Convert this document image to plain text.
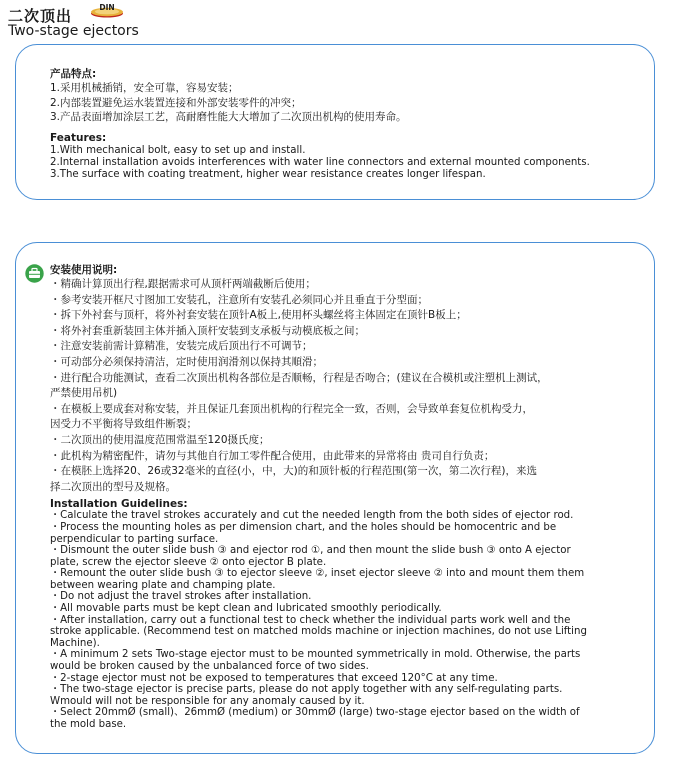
二次顶出	DIN
Two-stage ejectors
产品特点:
1.采用机械插销，安全可靠，容易安装；
2.内部装置避免运水装置连接和外部安装零件的冲突；
3.产品表面增加涂层工艺，高耐磨性能大大增加了二次顶出机构的使用寿命。
Features:
1.With mechanical bolt, easy to set up and install.
2.Internal installation avoids interferences with water line connectors and external mounted components.
3.The surface with coating treatment, higher wear resistance creates longer lifespan.
安装使用说明:
・精确计算顶出行程,跟据需求可从顶杆两端截断后使用；
・参考安装开框尺寸图加工安装孔，注意所有安装孔必须同心并且垂直于分型面；
・拆下外衬套与顶杆，将外衬套安装在顶针A板上,使用杯头螺丝将主体固定在顶针B板上；
・将外衬套重新装回主体并插入顶杆安装到支承板与动模底板之间；
・注意安装前需计算精准，安装完成后顶出行不可调节；
・可动部分必须保持清洁，定时使用润滑剂以保持其順滑；
・进行配合功能测试，查看二次顶出机构各部位是否顺畅，行程是否吻合；(建议在合模机或注塑机上测试，
严禁使用吊机)
・在模板上要成套对称安装，并且保证几套顶出机构的行程完全一致，否则，会导致单套复位机构受力，
因受力不平衡将导致组件断裂；
・二次顶出的使用温度范围常温至120摄氏度；
・此机构为精密配件，请勿与其他自行加工零件配合使用，由此带来的异常将由 贵司自行负责；
・在模胚上选择20、26或32毫米的直径(小，中，大)的和顶针板的行程范围(第一次，第二次行程)，来选
择二次顶出的型号及规格。
Installation Guidelines:
・Calculate the travel strokes accurately and cut the needed length from the both sides of ejector rod.
・Process the mounting holes as per dimension chart, and the holes should be homocentric and be
perpendicular to parting surface.
・Dismount the outer slide bush ③ and ejector rod ①, and then mount the slide bush ③ onto A ejector
plate, screw the ejector sleeve ② onto ejector B plate.
・Remount the outer slide bush ③ to ejector sleeve ②, inset ejector sleeve ② into and mount them them
between wearing plate and champing plate.
・Do not adjust the travel strokes after installation.
・All movable parts must be kept clean and lubricated smoothly periodically.
・After installation, carry out a functional test to check whether the individual parts work well and the
stroke applicable. (Recommend test on matched molds machine or injection machines, do not use Lifting
Machine).
・A minimum 2 sets Two-stage ejector must to be mounted symmetrically in mold. Otherwise, the parts
would be broken caused by the unbalanced force of two sides.
・2-stage ejector must not be exposed to temperatures that exceed 120°C at any time.
・The two-stage ejector is precise parts, please do not apply together with any self-regulating parts.
Wmould will not be responsible for any anomaly caused by it.
・Select 20mmØ (small)、26mmØ (medium) or 30mmØ (large) two-stage ejector based on the width of
the mold base.
